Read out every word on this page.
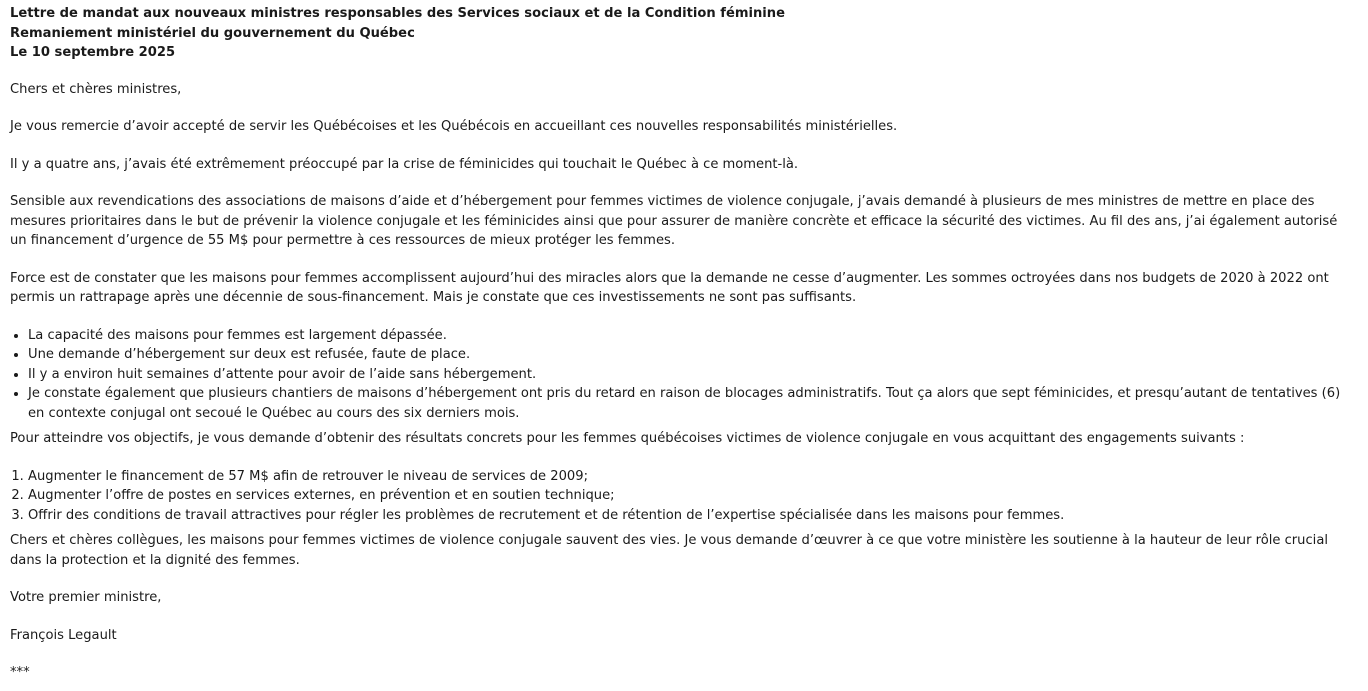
Lettre de mandat aux nouveaux ministres responsables des Services sociaux et de la Condition féminine

Remaniement ministériel du gouvernement du Québec

Le 10 septembre 2025

Chers et chères ministres,

Je vous remercie d’avoir accepté de servir les Québécoises et les Québécois en accueillant ces nouvelles responsabilités ministérielles.

Il y a quatre ans, j’avais été extrêmement préoccupé par la crise de féminicides qui touchait le Québec à ce moment-là.

Sensible aux revendications des associations de maisons d’aide et d’hébergement pour femmes victimes de violence conjugale, j’avais demandé à plusieurs de mes ministres de mettre en place des mesures prioritaires dans le but de prévenir la violence conjugale et les féminicides ainsi que pour assurer de manière concrète et efficace la sécurité des victimes. Au fil des ans, j’ai également autorisé un financement d’urgence de 55 M$ pour permettre à ces ressources de mieux protéger les femmes.

Force est de constater que les maisons pour femmes accomplissent aujourd’hui des miracles alors que la demande ne cesse d’augmenter. Les sommes octroyées dans nos budgets de 2020 à 2022 ont permis un rattrapage après une décennie de sous-financement. Mais je constate que ces investissements ne sont pas suffisants.

• La capacité des maisons pour femmes est largement dépassée.
• Une demande d’hébergement sur deux est refusée, faute de place.
• Il y a environ huit semaines d’attente pour avoir de l’aide sans hébergement.
• Je constate également que plusieurs chantiers de maisons d’hébergement ont pris du retard en raison de blocages administratifs. Tout ça alors que sept féminicides, et presqu’autant de tentatives (6) en contexte conjugal ont secoué le Québec au cours des six derniers mois.

Pour atteindre vos objectifs, je vous demande d’obtenir des résultats concrets pour les femmes québécoises victimes de violence conjugale en vous acquittant des engagements suivants :

1. Augmenter le financement de 57 M$ afin de retrouver le niveau de services de 2009;
2. Augmenter l’offre de postes en services externes, en prévention et en soutien technique;
3. Offrir des conditions de travail attractives pour régler les problèmes de recrutement et de rétention de l’expertise spécialisée dans les maisons pour femmes.

Chers et chères collègues, les maisons pour femmes victimes de violence conjugale sauvent des vies. Je vous demande d’œuvrer à ce que votre ministère les soutienne à la hauteur de leur rôle crucial dans la protection et la dignité des femmes.

Votre premier ministre,

François Legault

***
